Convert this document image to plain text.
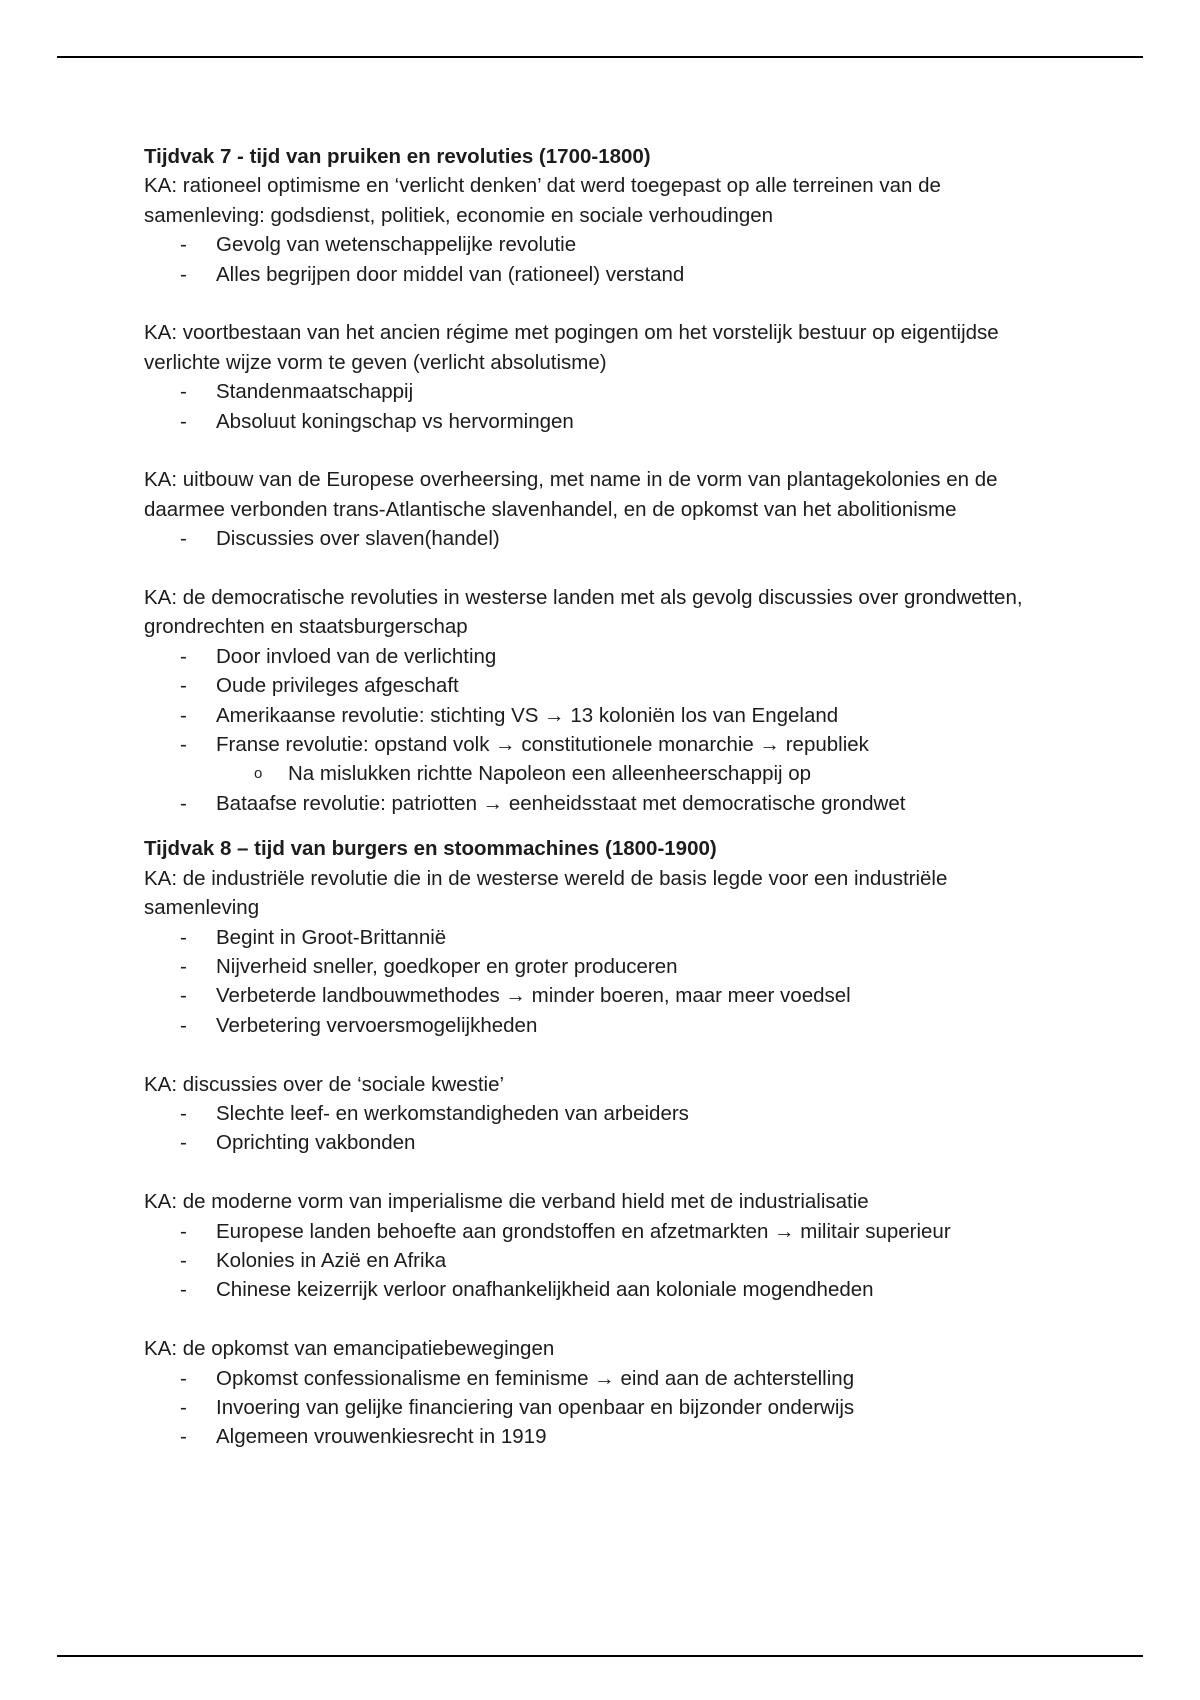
Tijdvak 7 - tijd van pruiken en revoluties (1700-1800)

KA: rationeel optimisme en ‘verlicht denken’ dat werd toegepast op alle terreinen van de samenleving: godsdienst, politiek, economie en sociale verhoudingen

- Gevolg van wetenschappelijke revolutie
- Alles begrijpen door middel van (rationeel) verstand

KA: voortbestaan van het ancien régime met pogingen om het vorstelijk bestuur op eigentijdse verlichte wijze vorm te geven (verlicht absolutisme)

- Standenmaatschappij
- Absoluut koningschap vs hervormingen

KA: uitbouw van de Europese overheersing, met name in de vorm van plantagekolonies en de daarmee verbonden trans-Atlantische slavenhandel, en de opkomst van het abolitionisme

- Discussies over slaven(handel)

KA: de democratische revoluties in westerse landen met als gevolg discussies over grondwetten, grondrechten en staatsburgerschap

- Door invloed van de verlichting
- Oude privileges afgeschaft
- Amerikaanse revolutie: stichting VS → 13 koloniën los van Engeland
- Franse revolutie: opstand volk → constitutionele monarchie → republiek
o Na mislukken richtte Napoleon een alleenheerschappij op
- Bataafse revolutie: patriotten → eenheidsstaat met democratische grondwet

Tijdvak 8 – tijd van burgers en stoommachines (1800-1900)

KA: de industriële revolutie die in de westerse wereld de basis legde voor een industriële samenleving

- Begint in Groot-Brittannië
- Nijverheid sneller, goedkoper en groter produceren
- Verbeterde landbouwmethodes → minder boeren, maar meer voedsel
- Verbetering vervoersmogelijkheden

KA: discussies over de ‘sociale kwestie’

- Slechte leef- en werkomstandigheden van arbeiders
- Oprichting vakbonden

KA: de moderne vorm van imperialisme die verband hield met de industrialisatie

- Europese landen behoefte aan grondstoffen en afzetmarkten → militair superieur
- Kolonies in Azië en Afrika
- Chinese keizerrijk verloor onafhankelijkheid aan koloniale mogendheden

KA: de opkomst van emancipatiebewegingen

- Opkomst confessionalisme en feminisme → eind aan de achterstelling
- Invoering van gelijke financiering van openbaar en bijzonder onderwijs
- Algemeen vrouwenkiesrecht in 1919
